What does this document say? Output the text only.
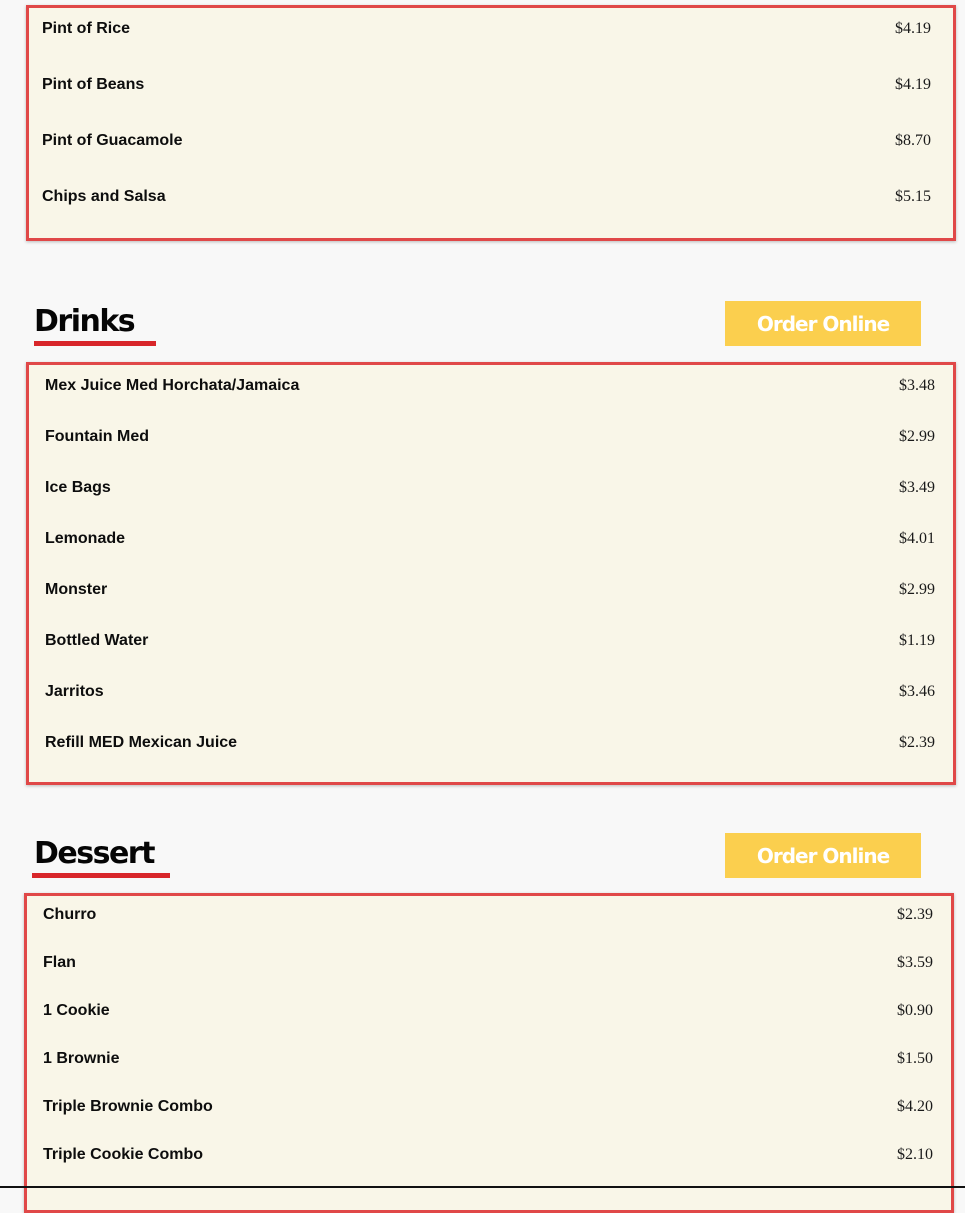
Pint of Rice	$4.19
Pint of Beans	$4.19
Pint of Guacamole	$8.70
Chips and Salsa	$5.15
Drinks	Order Online
Mex Juice Med Horchata/Jamaica	$3.48
Fountain Med	$2.99
Ice Bags	$3.49
Lemonade	$4.01
Monster	$2.99
Bottled Water	$1.19
Jarritos	$3.46
Refill MED Mexican Juice	$2.39
Dessert	Order Online
Churro	$2.39
Flan	$3.59
1 Cookie	$0.90
1 Brownie	$1.50
Triple Brownie Combo	$4.20
Triple Cookie Combo	$2.10
